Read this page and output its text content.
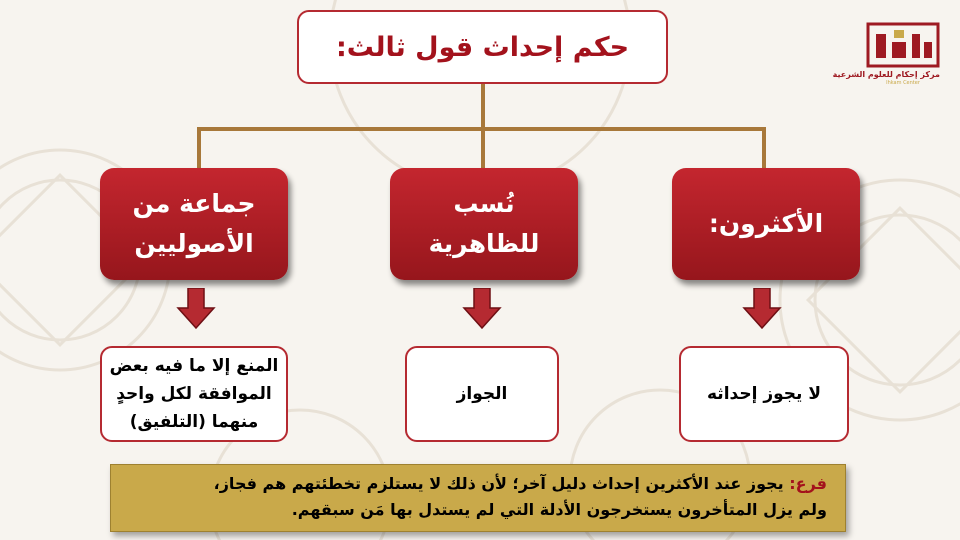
مركز إحكام للعلوم الشرعية
Ihkam Center
حكم إحداث قول ثالث:
الأكثرون:
نُسب
للظاهرية
جماعة من
الأصوليين
لا يجوز إحداثه
الجواز
المنع إلا ما فيه بعض
الموافقة لكل واحدٍ
منهما (التلفيق)
فرع: يجوز عند الأكثرين إحداث دليل آخر؛ لأن ذلك لا يستلزم تخطئتهم هم فجاز،
ولم يزل المتأخرون يستخرجون الأدلة التي لم يستدل بها مَن سبقهم.
